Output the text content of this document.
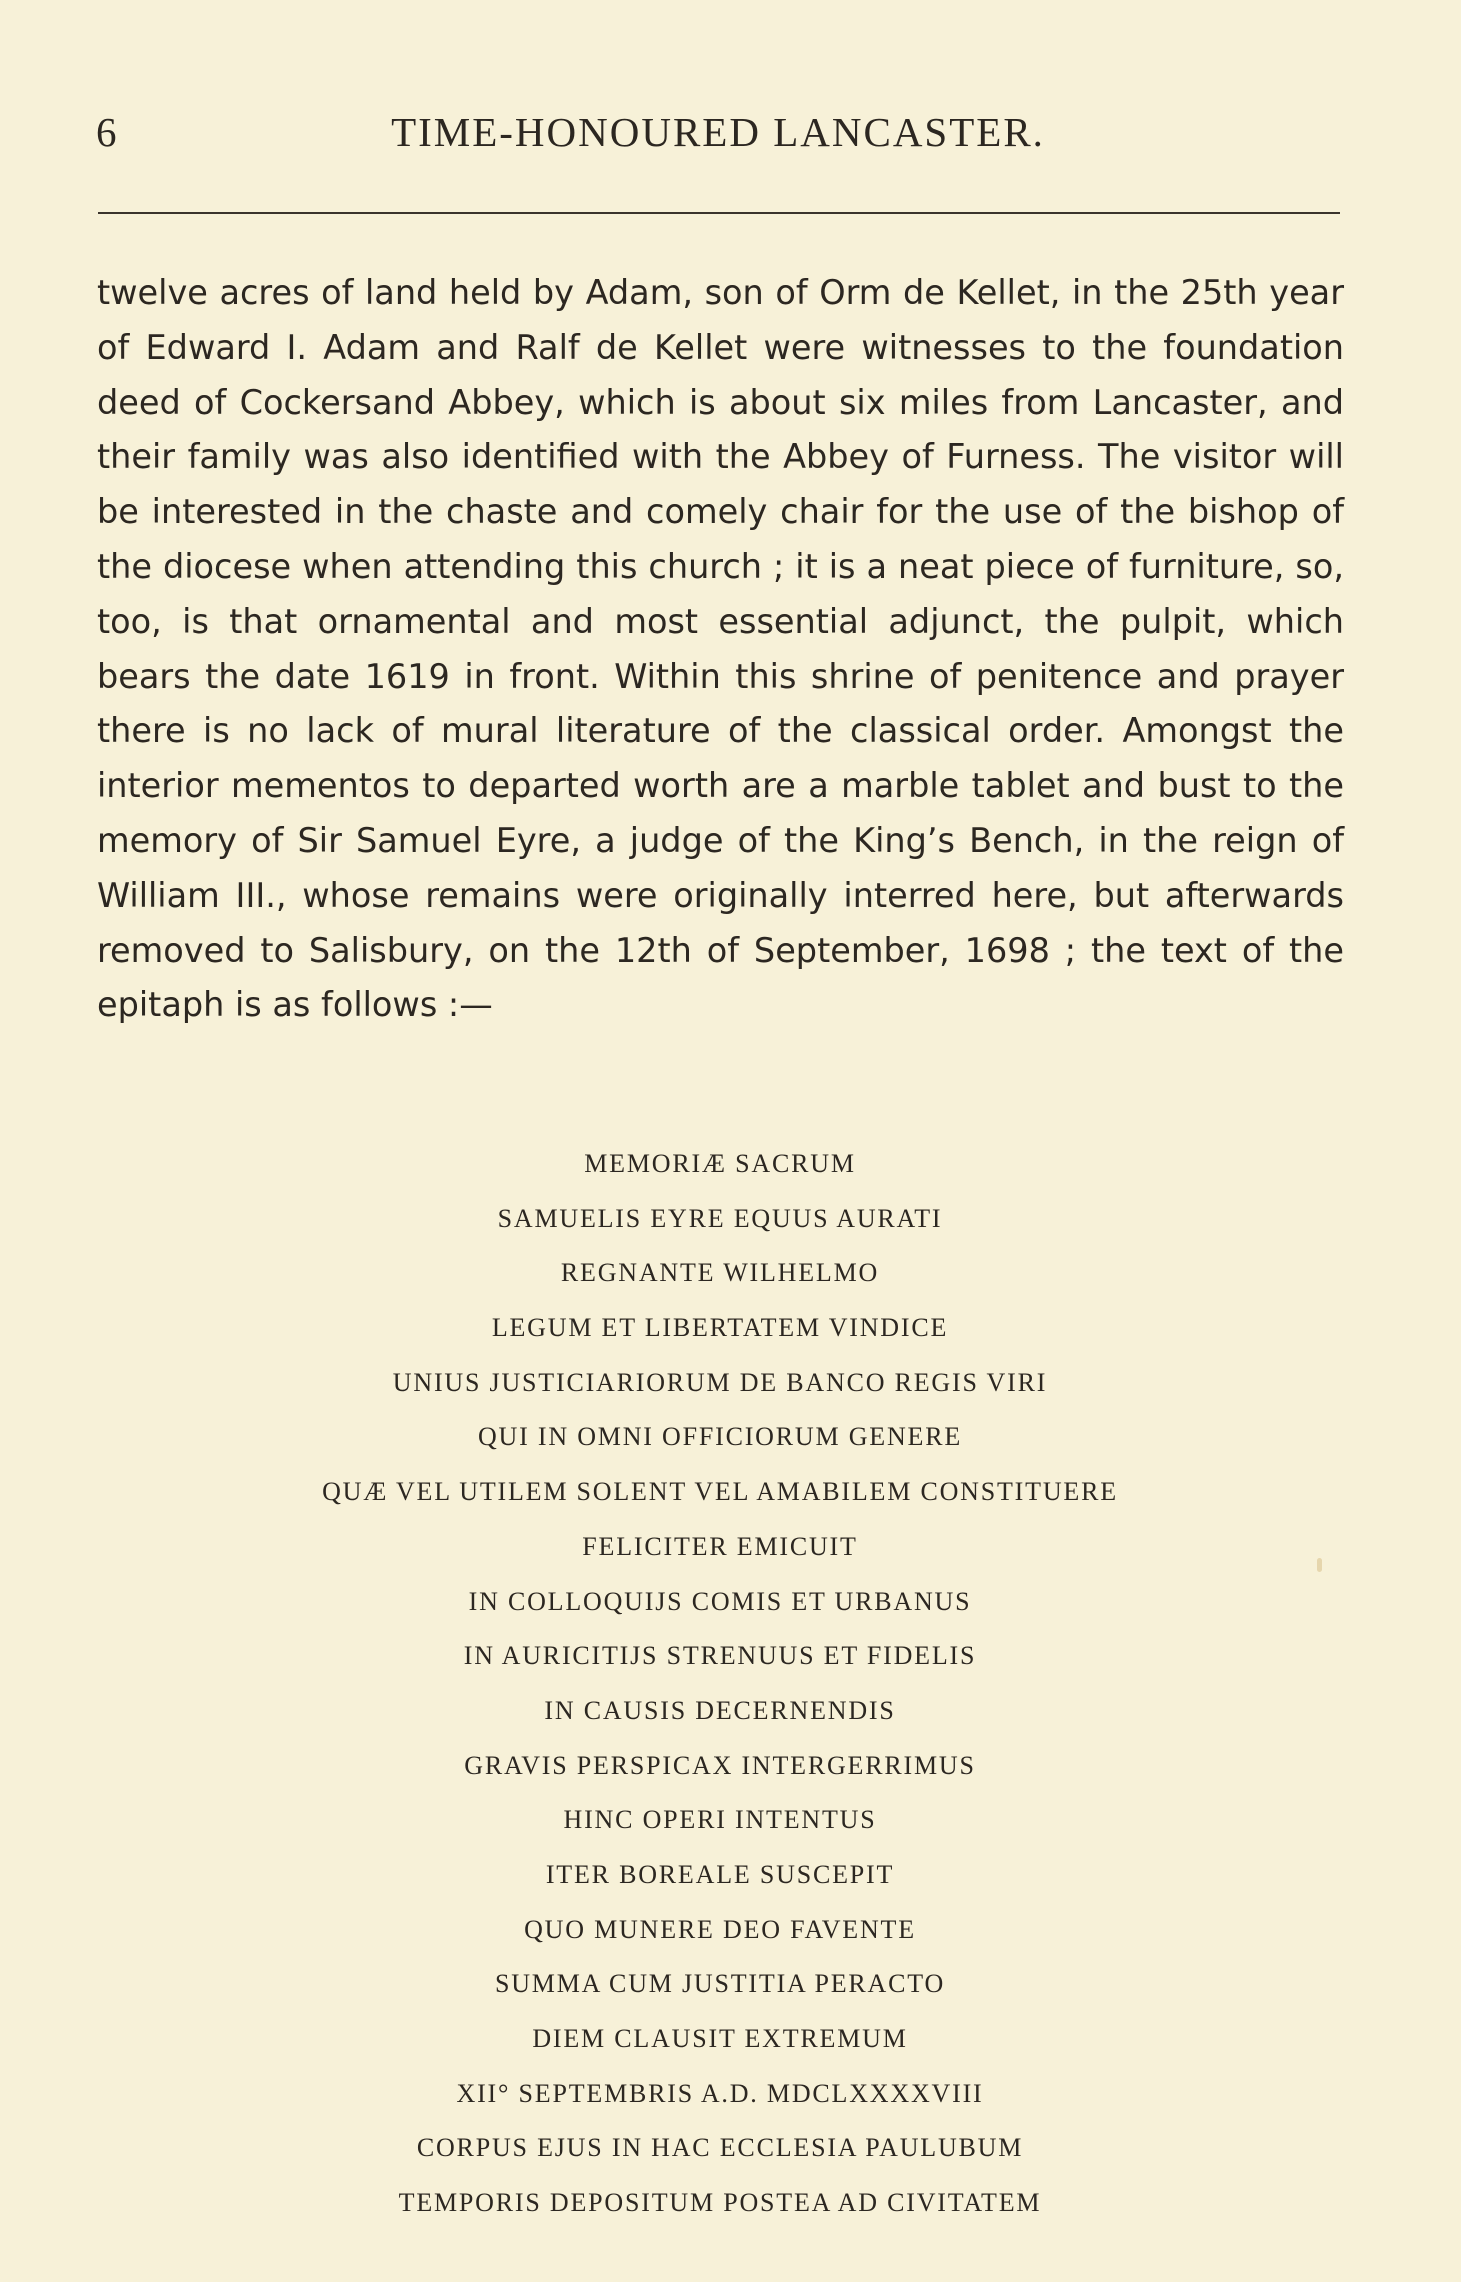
6	TIME-HONOURED LANCASTER.

twelve acres of land held by Adam, son of Orm de Kellet, in the 25th year of Edward I. Adam and Ralf de Kellet were witnesses to the foundation deed of Cockersand Abbey, which is about six miles from Lancaster, and their family was also identified with the Abbey of Furness. The visitor will be interested in the chaste and comely chair for the use of the bishop of the diocese when attending this church ; it is a neat piece of furniture, so, too, is that ornamental and most essential adjunct, the pulpit, which bears the date 1619 in front. Within this shrine of penitence and prayer there is no lack of mural literature of the classical order. Amongst the interior mementos to departed worth are a marble tablet and bust to the memory of Sir Samuel Eyre, a judge of the King’s Bench, in the reign of William III., whose remains were originally interred here, but afterwards removed to Salisbury, on the 12th of September, 1698 ; the text of the epitaph is as follows :—

MEMORIÆ SACRUM
SAMUELIS EYRE EQUUS AURATI
REGNANTE WILHELMO
LEGUM ET LIBERTATEM VINDICE
UNIUS JUSTICIARIORUM DE BANCO REGIS VIRI
QUI IN OMNI OFFICIORUM GENERE
QUÆ VEL UTILEM SOLENT VEL AMABILEM CONSTITUERE
FELICITER EMICUIT
IN COLLOQUIJS COMIS ET URBANUS
IN AURICITIJS STRENUUS ET FIDELIS
IN CAUSIS DECERNENDIS
GRAVIS PERSPICAX INTERGERRIMUS
HINC OPERI INTENTUS
ITER BOREALE SUSCEPIT
QUO MUNERE DEO FAVENTE
SUMMA CUM JUSTITIA PERACTO
DIEM CLAUSIT EXTREMUM
XII° SEPTEMBRIS A.D. MDCLXXXXVIII
CORPUS EJUS IN HAC ECCLESIA PAULUBUM
TEMPORIS DEPOSITUM POSTEA AD CIVITATEM
